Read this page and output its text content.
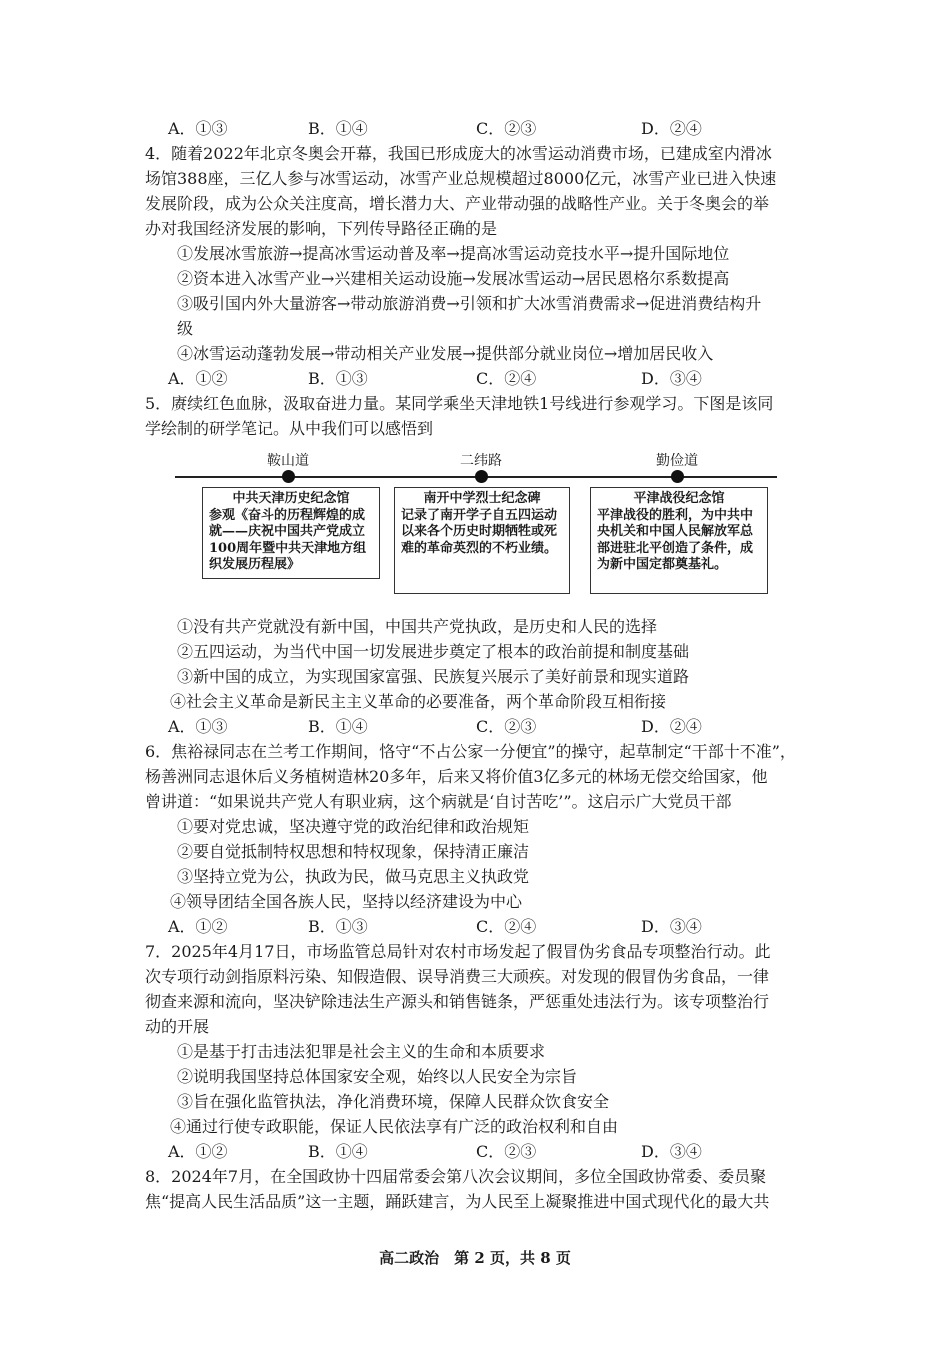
A．①③	B．①④	C．②③	D．②④
4．随着2022年北京冬奥会开幕，我国已形成庞大的冰雪运动消费市场，已建成室内滑冰
场馆388座，三亿人参与冰雪运动，冰雪产业总规模超过8000亿元，冰雪产业已进入快速
发展阶段，成为公众关注度高，增长潜力大、产业带动强的战略性产业。关于冬奥会的举
办对我国经济发展的影响，下列传导路径正确的是
①发展冰雪旅游→提高冰雪运动普及率→提高冰雪运动竞技水平→提升国际地位
②资本进入冰雪产业→兴建相关运动设施→发展冰雪运动→居民恩格尔系数提高
③吸引国内外大量游客→带动旅游消费→引领和扩大冰雪消费需求→促进消费结构升
级
④冰雪运动蓬勃发展→带动相关产业发展→提供部分就业岗位→增加居民收入
A．①②	B．①③	C．②④	D．③④
5．赓续红色血脉，汲取奋进力量。某同学乘坐天津地铁1号线进行参观学习。下图是该同
学绘制的研学笔记。从中我们可以感悟到
鞍山道	二纬路	勤俭道
中共天津历史纪念馆
参观《奋斗的历程辉煌的成就——庆祝中国共产党成立100周年暨中共天津地方组织发展历程展》
南开中学烈士纪念碑
记录了南开学子自五四运动以来各个历史时期牺牲或死难的革命英烈的不朽业绩。
平津战役纪念馆
平津战役的胜利，为中共中央机关和中国人民解放军总部进驻北平创造了条件，成为新中国定都奠基礼。
①没有共产党就没有新中国，中国共产党执政，是历史和人民的选择
②五四运动，为当代中国一切发展进步奠定了根本的政治前提和制度基础
③新中国的成立，为实现国家富强、民族复兴展示了美好前景和现实道路
④社会主义革命是新民主主义革命的必要准备，两个革命阶段互相衔接
A．①③	B．①④	C．②③	D．②④
6．焦裕禄同志在兰考工作期间，恪守“不占公家一分便宜”的操守，起草制定“干部十不准”，
杨善洲同志退休后义务植树造林20多年，后来又将价值3亿多元的林场无偿交给国家，他
曾讲道：“如果说共产党人有职业病，这个病就是‘自讨苦吃’”。这启示广大党员干部
①要对党忠诚，坚决遵守党的政治纪律和政治规矩
②要自觉抵制特权思想和特权现象，保持清正廉洁
③坚持立党为公，执政为民，做马克思主义执政党
④领导团结全国各族人民，坚持以经济建设为中心
A．①②	B．①③	C．②④	D．③④
7．2025年4月17日，市场监管总局针对农村市场发起了假冒伪劣食品专项整治行动。此
次专项行动剑指原料污染、知假造假、误导消费三大顽疾。对发现的假冒伪劣食品，一律
彻查来源和流向，坚决铲除违法生产源头和销售链条，严惩重处违法行为。该专项整治行
动的开展
①是基于打击违法犯罪是社会主义的生命和本质要求
②说明我国坚持总体国家安全观，始终以人民安全为宗旨
③旨在强化监管执法，净化消费环境，保障人民群众饮食安全
④通过行使专政职能，保证人民依法享有广泛的政治权利和自由
A．①②	B．①④	C．②③	D．③④
8．2024年7月，在全国政协十四届常委会第八次会议期间，多位全国政协常委、委员聚
焦“提高人民生活品质”这一主题，踊跃建言，为人民至上凝聚推进中国式现代化的最大共
高二政治　第 2 页，共 8 页
